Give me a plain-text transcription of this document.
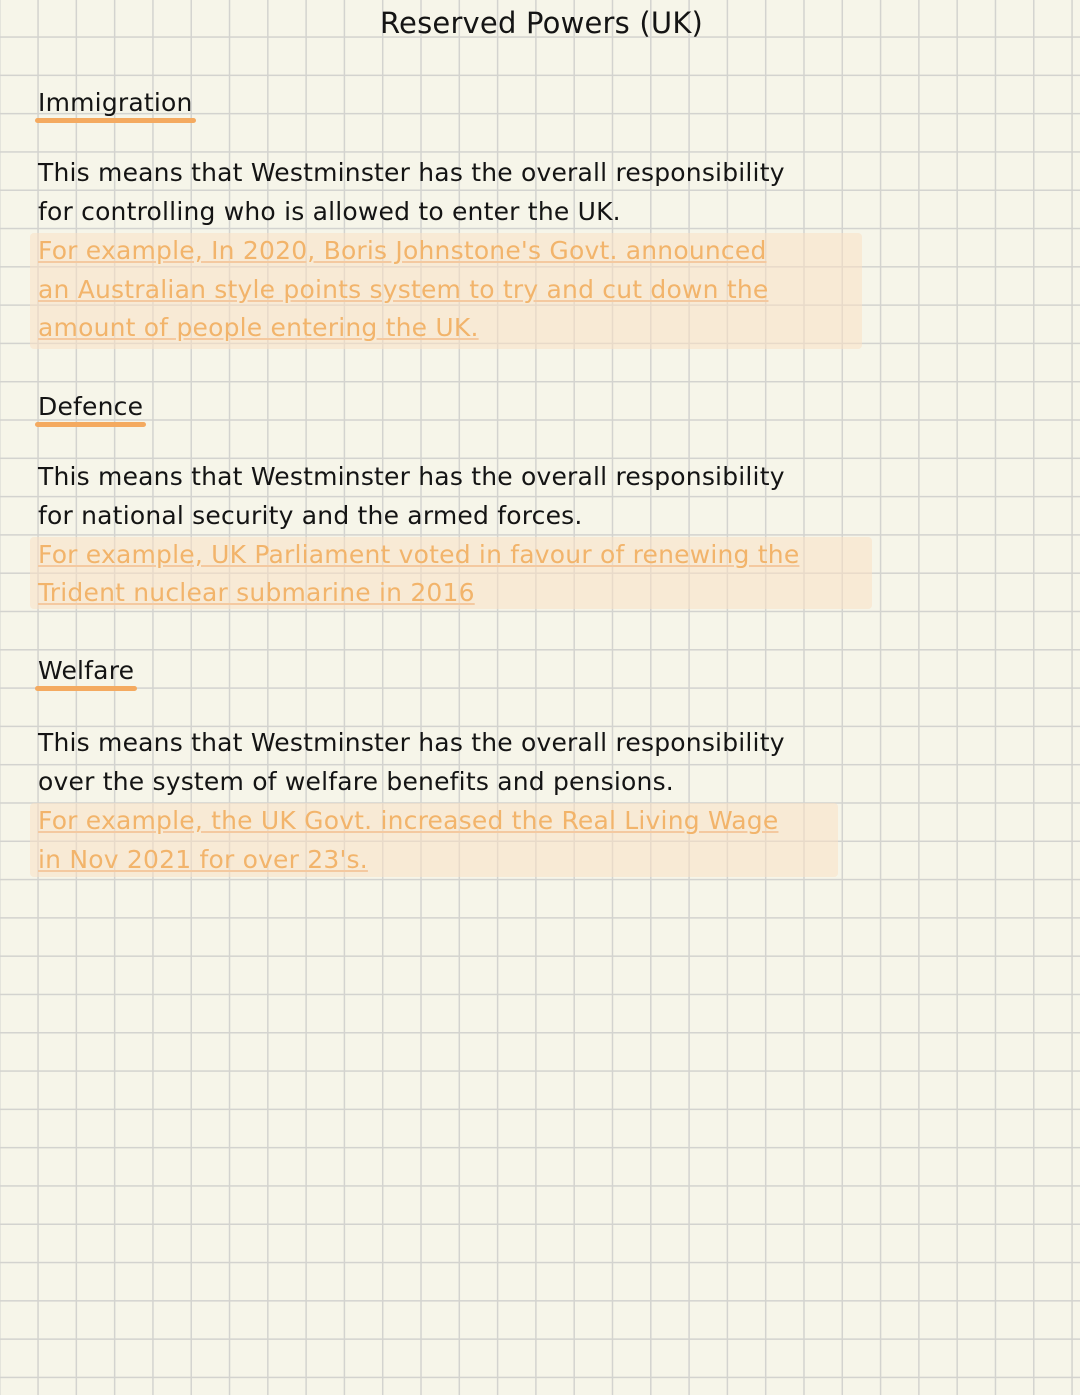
Reserved Powers (UK)
Immigration
This means that Westminster has the overall responsibility
for controlling who is allowed to enter the UK.
For example, In 2020, Boris Johnstone's Govt. announced
an Australian style points system to try and cut down the
amount of people entering the UK.
Defence
This means that Westminster has the overall responsibility
for national security and the armed forces.
For example, UK Parliament voted in favour of renewing the
Trident nuclear submarine in 2016
Welfare
This means that Westminster has the overall responsibility
over the system of welfare benefits and pensions.
For example, the UK Govt. increased the Real Living Wage
in Nov 2021 for over 23's.
